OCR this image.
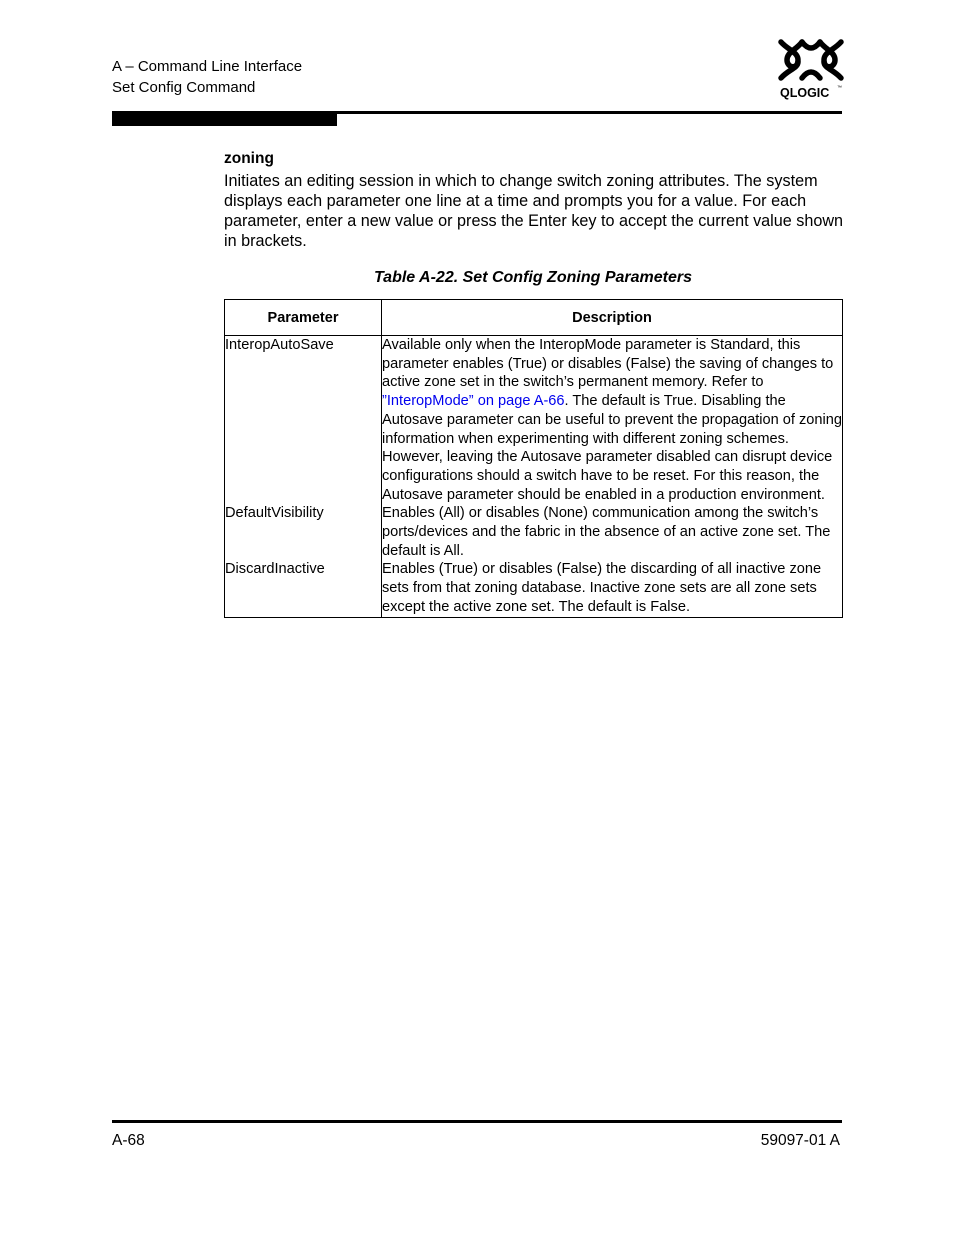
A – Command Line Interface
Set Config Command	QLOGIC ™
zoning

Initiates an editing session in which to change switch zoning attributes. The system displays each parameter one line at a time and prompts you for a value. For each parameter, enter a new value or press the Enter key to accept the current value shown in brackets.

Table A-22. Set Config Zoning Parameters
Parameter	Description
InteropAutoSave	Available only when the InteropMode parameter is Standard, this parameter enables (True) or disables (False) the saving of changes to active zone set in the switch’s permanent memory. Refer to ”InteropMode” on page A-66. The default is True. Disabling the Autosave parameter can be useful to prevent the propagation of zoning information when experimenting with different zoning schemes. However, leaving the Autosave parameter disabled can disrupt device configurations should a switch have to be reset. For this reason, the Autosave parameter should be enabled in a production environment.
DefaultVisibility	Enables (All) or disables (None) communication among the switch’s ports/devices and the fabric in the absence of an active zone set. The default is All.
DiscardInactive	Enables (True) or disables (False) the discarding of all inactive zone sets from that zoning database. Inactive zone sets are all zone sets except the active zone set. The default is False.
A-68	59097-01 A
